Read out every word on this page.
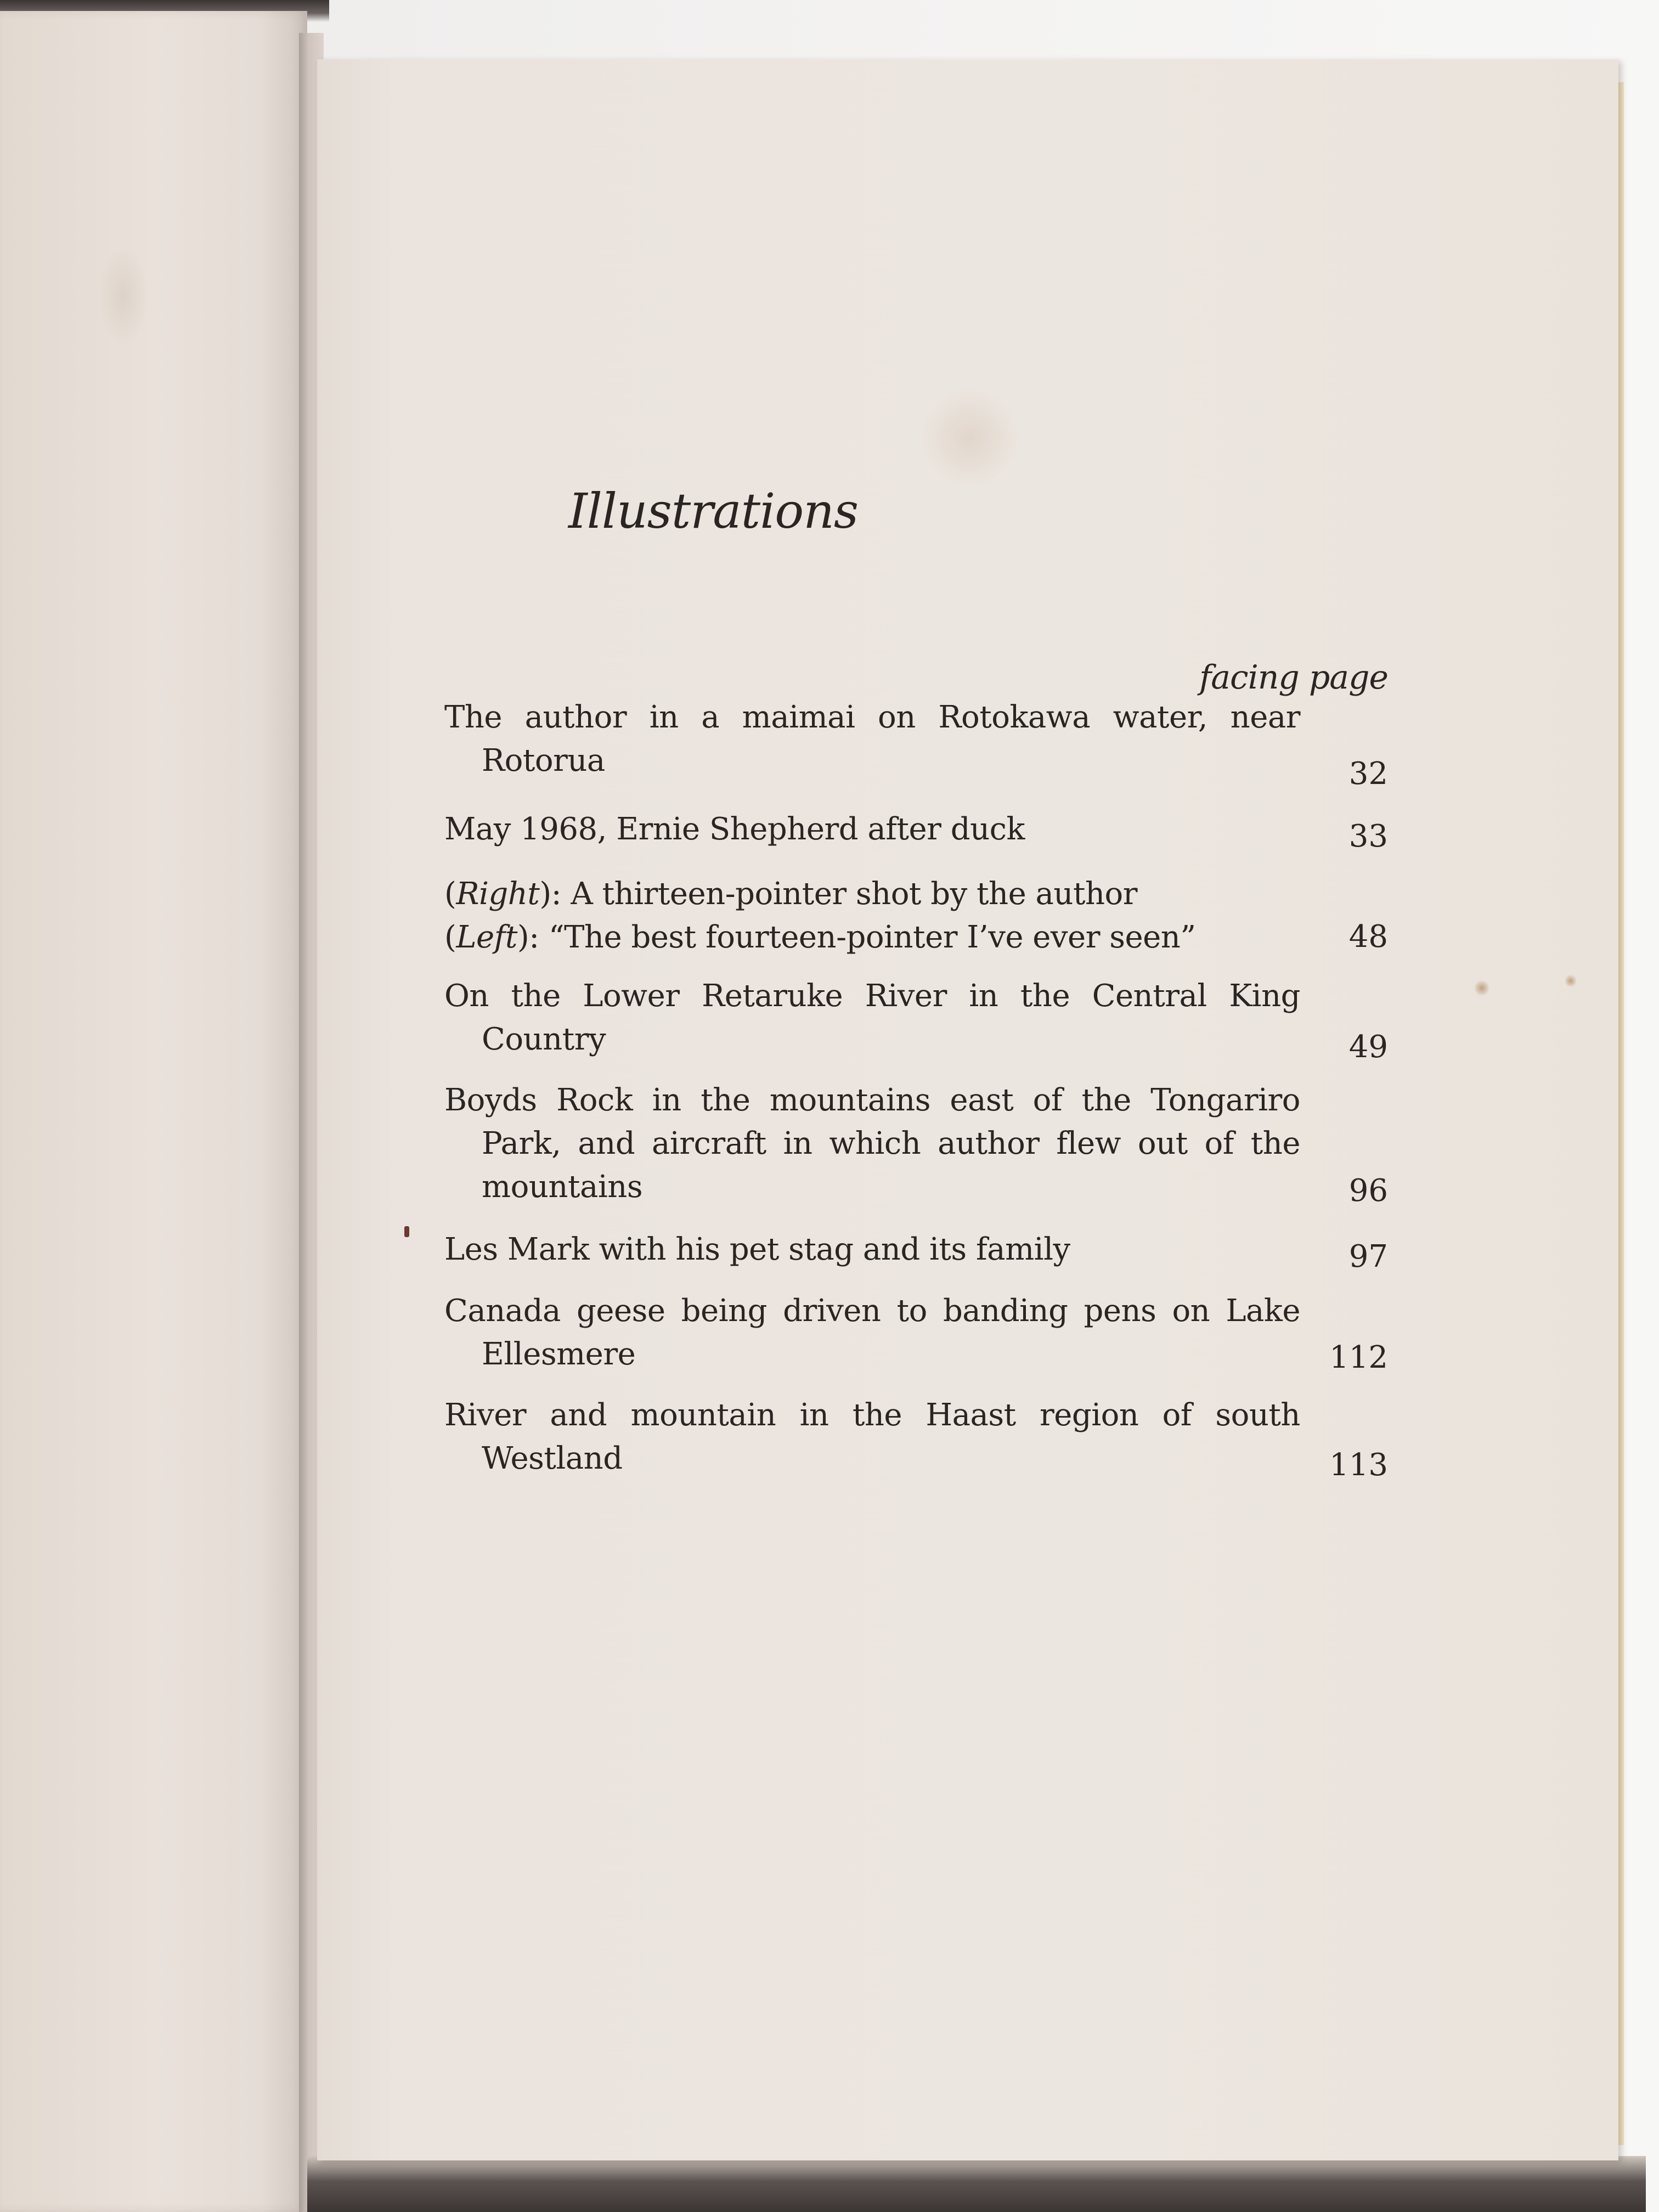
Illustrations
facing page
The author in a maimai on Rotokawa water, near
Rotorua	32
May 1968, Ernie Shepherd after duck	33
(Right): A thirteen-pointer shot by the author
(Left): “The best fourteen-pointer I’ve ever seen”	48
On the Lower Retaruke River in the Central King
Country	49
Boyds Rock in the mountains east of the Tongariro
Park, and aircraft in which author flew out of the
mountains	96
Les Mark with his pet stag and its family	97
Canada geese being driven to banding pens on Lake
Ellesmere	112
River and mountain in the Haast region of south
Westland	113
